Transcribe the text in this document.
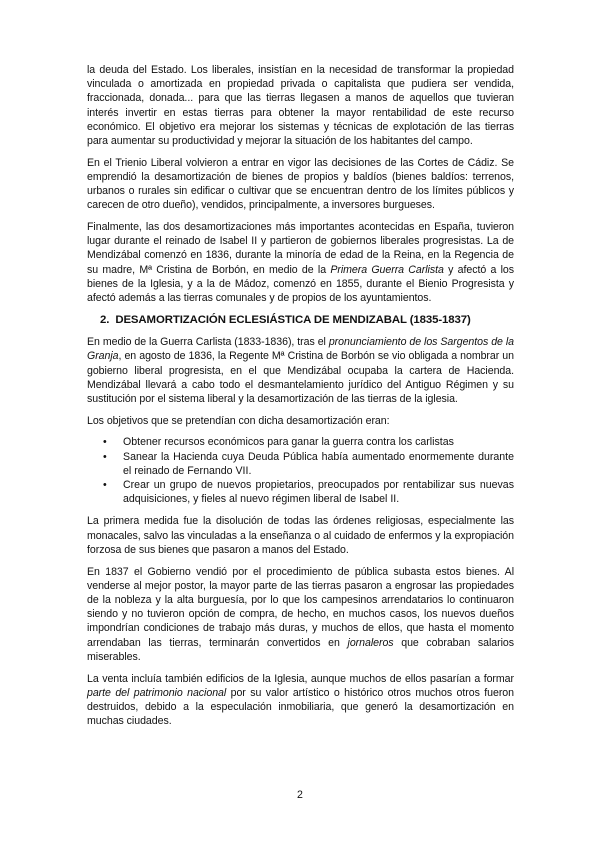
la deuda del Estado. Los liberales, insistían en la necesidad de transformar la propiedad vinculada o amortizada en propiedad privada o capitalista que pudiera ser vendida, fraccionada, donada... para que las tierras llegasen a manos de aquellos que tuvieran interés invertir en estas tierras para obtener la mayor rentabilidad de este recurso económico. El objetivo era mejorar los sistemas y técnicas de explotación de las tierras para aumentar su productividad y mejorar la situación de los habitantes del campo.

En el Trienio Liberal volvieron a entrar en vigor las decisiones de las Cortes de Cádiz. Se emprendió la desamortización de bienes de propios y baldíos (bienes baldíos: terrenos, urbanos o rurales sin edificar o cultivar que se encuentran dentro de los límites públicos y carecen de otro dueño), vendidos, principalmente, a inversores burgueses.

Finalmente, las dos desamortizaciones más importantes acontecidas en España, tuvieron lugar durante el reinado de Isabel II y partieron de gobiernos liberales progresistas. La de Mendizábal comenzó en 1836, durante la minoría de edad de la Reina, en la Regencia de su madre, Mª Cristina de Borbón, en medio de la Primera Guerra Carlista y afectó a los bienes de la Iglesia, y a la de Mádoz, comenzó en 1855, durante el Bienio Progresista y afectó además a las tierras comunales y de propios de los ayuntamientos.

2. DESAMORTIZACIÓN ECLESIÁSTICA DE MENDIZABAL (1835-1837)

En medio de la Guerra Carlista (1833-1836), tras el pronunciamiento de los Sargentos de la Granja, en agosto de 1836, la Regente Mª Cristina de Borbón se vio obligada a nombrar un gobierno liberal progresista, en el que Mendizábal ocupaba la cartera de Hacienda. Mendizábal llevará a cabo todo el desmantelamiento jurídico del Antiguo Régimen y su sustitución por el sistema liberal y la desamortización de las tierras de la iglesia.

Los objetivos que se pretendían con dicha desamortización eran:

• Obtener recursos económicos para ganar la guerra contra los carlistas
• Sanear la Hacienda cuya Deuda Pública había aumentado enormemente durante el reinado de Fernando VII.
• Crear un grupo de nuevos propietarios, preocupados por rentabilizar sus nuevas adquisiciones, y fieles al nuevo régimen liberal de Isabel II.

La primera medida fue la disolución de todas las órdenes religiosas, especialmente las monacales, salvo las vinculadas a la enseñanza o al cuidado de enfermos y la expropiación forzosa de sus bienes que pasaron a manos del Estado.

En 1837 el Gobierno vendió por el procedimiento de pública subasta estos bienes. Al venderse al mejor postor, la mayor parte de las tierras pasaron a engrosar las propiedades de la nobleza y la alta burguesía, por lo que los campesinos arrendatarios lo continuaron siendo y no tuvieron opción de compra, de hecho, en muchos casos, los nuevos dueños impondrían condiciones de trabajo más duras, y muchos de ellos, que hasta el momento arrendaban las tierras, terminarán convertidos en jornaleros que cobraban salarios miserables.

La venta incluía también edificios de la Iglesia, aunque muchos de ellos pasarían a formar parte del patrimonio nacional por su valor artístico o histórico otros muchos otros fueron destruidos, debido a la especulación inmobiliaria, que generó la desamortización en muchas ciudades.

2
